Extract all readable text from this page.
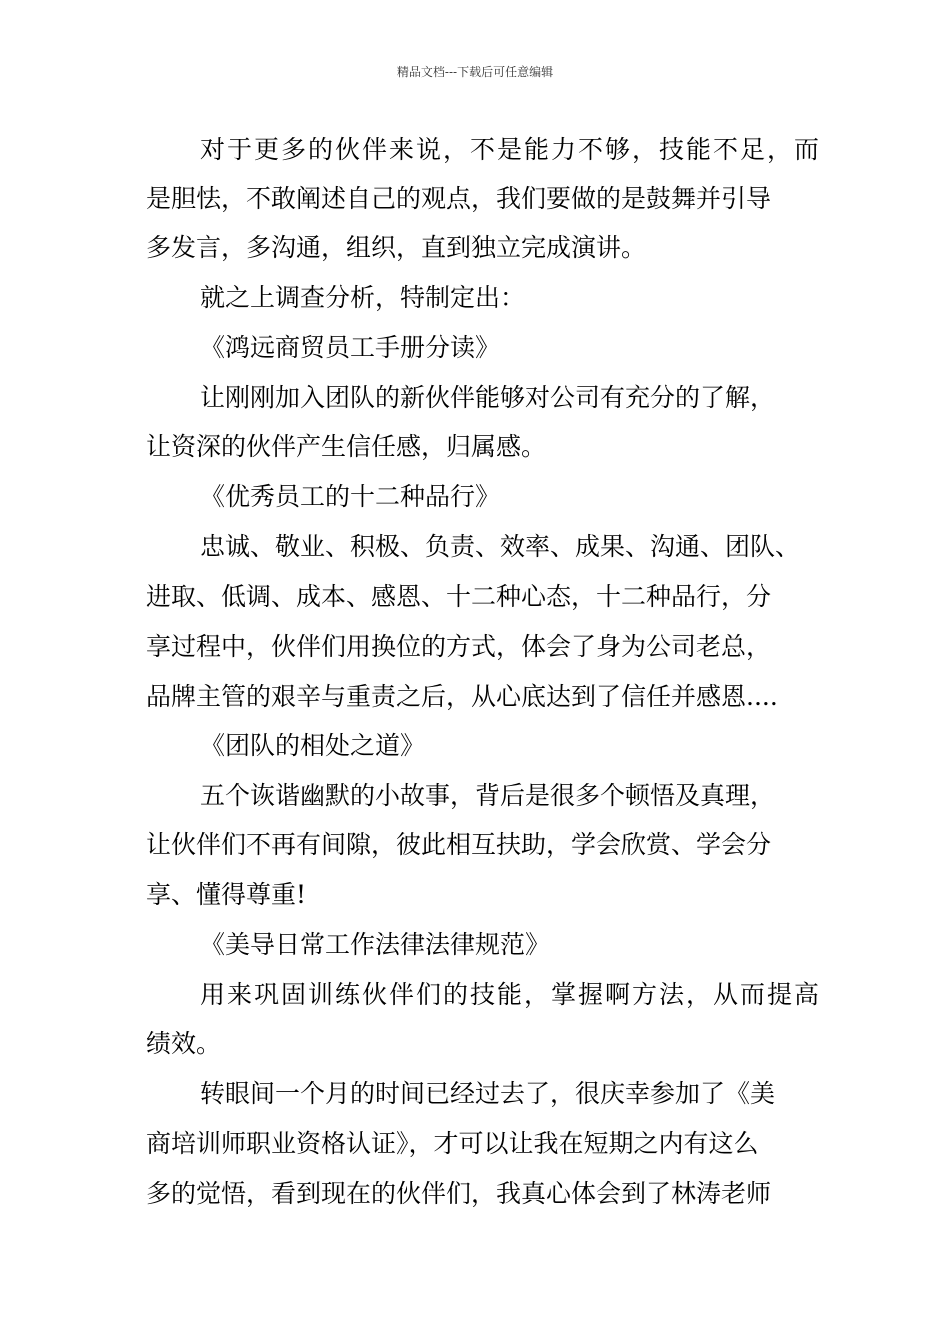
精品文档---下载后可任意编辑
对于更多的伙伴来说，不是能力不够，技能不足，而
是胆怯，不敢阐述自己的观点，我们要做的是鼓舞并引导
多发言，多沟通，组织，直到独立完成演讲。
就之上调查分析，特制定出：
《鸿远商贸员工手册分读》
让刚刚加入团队的新伙伴能够对公司有充分的了解，
让资深的伙伴产生信任感，归属感。
《优秀员工的十二种品行》
忠诚、敬业、积极、负责、效率、成果、沟通、团队、
进取、低调、成本、感恩、十二种心态，十二种品行，分
享过程中，伙伴们用换位的方式，体会了身为公司老总，
品牌主管的艰辛与重责之后，从心底达到了信任并感恩....
《团队的相处之道》
五个诙谐幽默的小故事，背后是很多个顿悟及真理，
让伙伴们不再有间隙，彼此相互扶助，学会欣赏、学会分
享、懂得尊重!
《美导日常工作法律法律规范》
用来巩固训练伙伴们的技能，掌握啊方法，从而提高
绩效。
转眼间一个月的时间已经过去了，很庆幸参加了《美
商培训师职业资格认证》，才可以让我在短期之内有这么
多的觉悟，看到现在的伙伴们，我真心体会到了林涛老师
